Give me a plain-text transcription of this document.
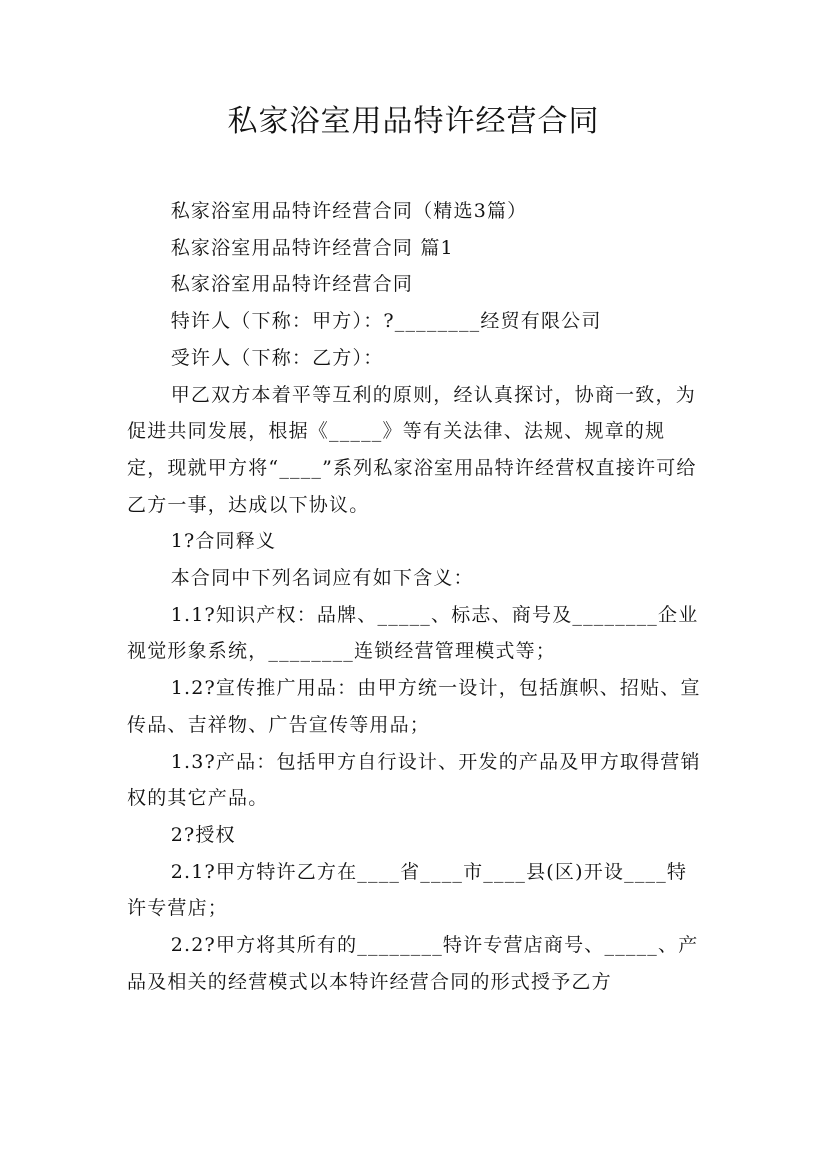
私家浴室用品特许经营合同

私家浴室用品特许经营合同（精选3篇）

私家浴室用品特许经营合同 篇1

私家浴室用品特许经营合同

特许人（下称：甲方）：?________经贸有限公司

受许人（下称：乙方）：

甲乙双方本着平等互利的原则，经认真探讨，协商一致，为促进共同发展，根据《_____》等有关法律、法规、规章的规定，现就甲方将“____”系列私家浴室用品特许经营权直接许可给乙方一事，达成以下协议。

1?合同释义

本合同中下列名词应有如下含义：

1.1?知识产权：品牌、_____、标志、商号及________企业视觉形象系统，________连锁经营管理模式等；

1.2?宣传推广用品：由甲方统一设计，包括旗帜、招贴、宣传品、吉祥物、广告宣传等用品；

1.3?产品：包括甲方自行设计、开发的产品及甲方取得营销权的其它产品。

2?授权

2.1?甲方特许乙方在____省____市____县(区)开设____特许专营店；

2.2?甲方将其所有的________特许专营店商号、_____、产品及相关的经营模式以本特许经营合同的形式授予乙方
